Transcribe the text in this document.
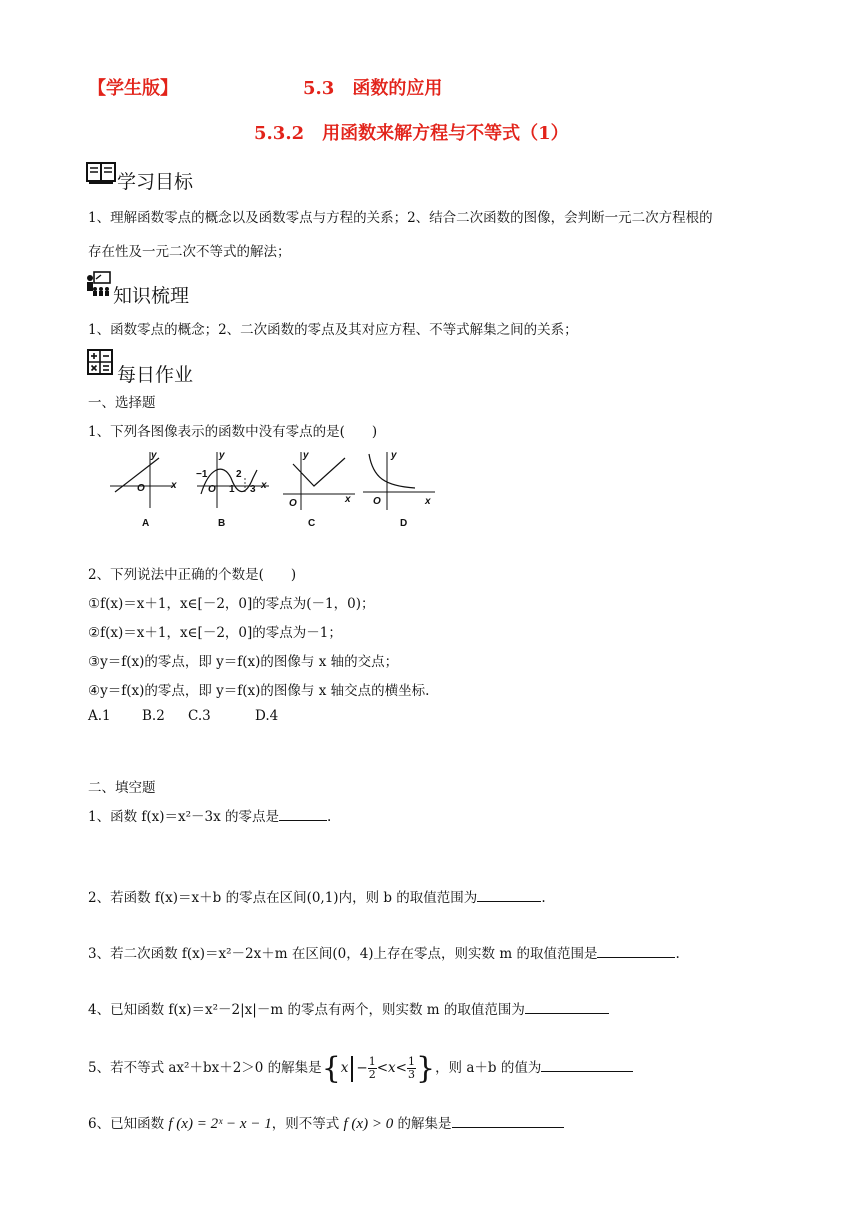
【学生版】	5.3　函数的应用
5.3.2　用函数来解方程与不等式（1）
学习目标
1、理解函数零点的概念以及函数零点与方程的关系；2、结合二次函数的图像，会判断一元二次方程根的
存在性及一元二次不等式的解法；
知识梳理
1、函数零点的概念；2、二次函数的零点及其对应方程、不等式解集之间的关系；
每日作业
一、选择题
1、下列各图像表示的函数中没有零点的是(　　)
y
x
O
y
−1	2
O 1 3 x
y
O	x
y
O	x
A	B	C	D
2、下列说法中正确的个数是(　　)
①f(x)＝x＋1，x∈[－2，0]的零点为(－1，0)；
②f(x)＝x＋1，x∈[－2，0]的零点为－1；
③y＝f(x)的零点，即 y＝f(x)的图像与 x 轴的交点；
④y＝f(x)的零点，即 y＝f(x)的图像与 x 轴交点的横坐标.
A.1 B.2 C.3	D.4
二、填空题
1、函数 f(x)＝x²－3x 的零点是	.
2、若函数 f(x)＝x＋b 的零点在区间(0,1)内，则 b 的取值范围为	.
3、若二次函数 f(x)＝x²－2x＋m 在区间(0，4)上存在零点，则实数 m 的取值范围是	.
4、已知函数 f(x)＝x²－2|x|－m 的零点有两个，则实数 m 的取值范围为
5、若不等式 ax²＋bx＋2＞0 的解集是{$x - \frac{1}{2} <x< \frac{1}{3}$ }，则 a＋b 的值为
6、已知函数 f (x) = 2ˣ − x − 1，则不等式 f (x) > 0 的解集是
